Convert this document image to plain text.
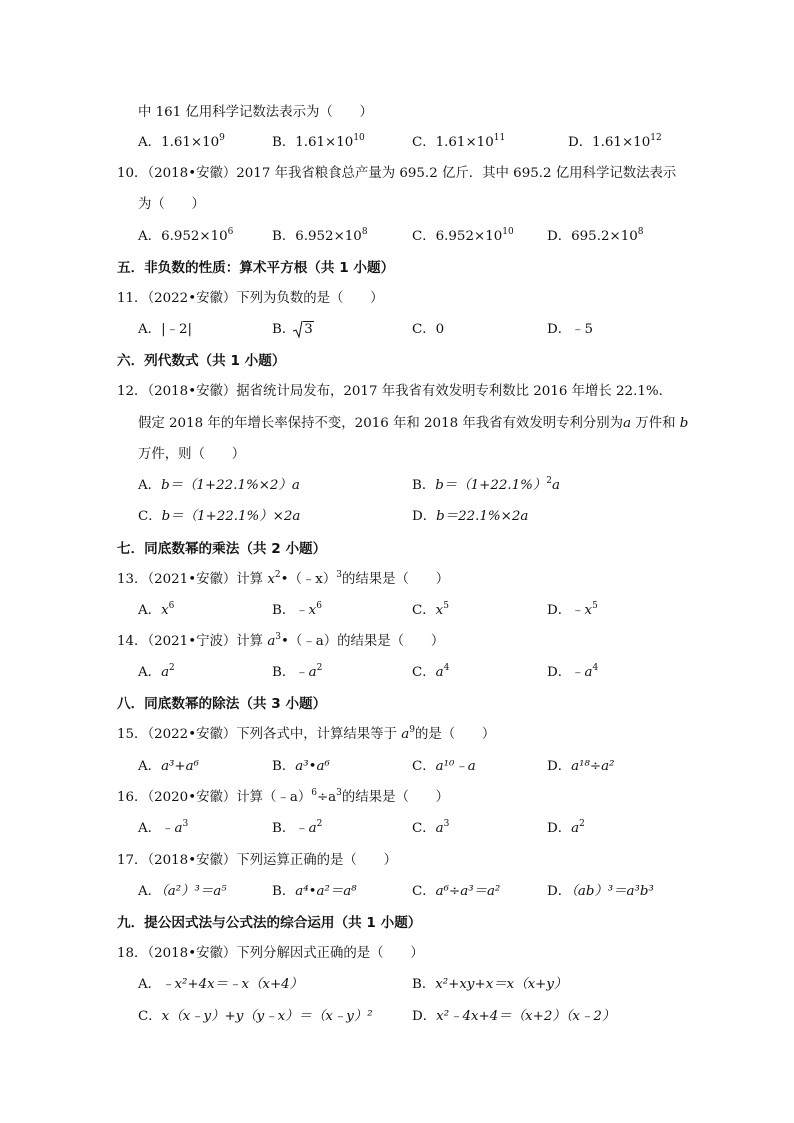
中 161 亿用科学记数法表示为（　　）
A．$1.61\times 10^9$	B．$1.61\times 10^{10}$	C．$1.61\times 10^{11}$	D．$1.61\times 10^{12}$
10．（2018•安徽）2017 年我省粮食总产量为 695.2 亿斤．其中 695.2 亿用科学记数法表示
为（　　）
A．$6.952\times 10^6$	B．$6.952\times 10^8$	C．$6.952\times 10^{10}$ D．$695.2\times 10^8$
五．非负数的性质：算术平方根（共 1 小题）
11．（2022•安徽）下列为负数的是（　　）
A．|﹣2|	B． 3	C．0	D．﹣5
六．列代数式（共 1 小题）
12．（2018•安徽）据省统计局发布，2017 年我省有效发明专利数比 2016 年增长 22.1%．
假定 2018 年的年增长率保持不变，2016 年和 2018 年我省有效发明专利分别为a 万件和 b
万件，则（　　）
A．b＝（1+22.1%×2）a	B．$b=(1+22.1\%)^2a$
C．b＝（1+22.1%）×2a	D．b＝22.1%×2a
七．同底数幂的乘法（共 2 小题）
13．（2021•安徽）计算 $x^2•(﹣x)^3$的结果是（　　）
A．$x^6$	B．$﹣x^6$	C．$x^5$	D．$﹣x^5$
14．（2021•宁波）计算 $a^3•(﹣a)$的结果是（　　）
A．$a^2$	B．$﹣a^2$	C．$a^4$	D．$﹣a^4$
八．同底数幂的除法（共 3 小题）
15．（2022•安徽）下列各式中，计算结果等于 $a^9$的是（　　）
A．a³+a⁶	B．a³•a⁶	C．a¹⁰﹣a	D．a¹⁸÷a²
16．（2020•安徽）计算$(﹣a)^6\div a^3$的结果是（　　）
A．$﹣a^3$	B．$﹣a^2$	C．$a^3$	D．$a^2$
17．（2018•安徽）下列运算正确的是（　　）
A．（a²）³＝a⁵	B．a⁴•a²＝a⁸	C．a⁶÷a³＝a²	D．（ab）³＝a³b³
九．提公因式法与公式法的综合运用（共 1 小题）
18．（2018•安徽）下列分解因式正确的是（　　）
A．﹣x²+4x＝﹣x（x+4）	B．x²+xy+x＝x（x+y）
C．x（x﹣y）+y（y﹣x）＝（x﹣y）²	D．x²﹣4x+4＝（x+2）（x﹣2）
